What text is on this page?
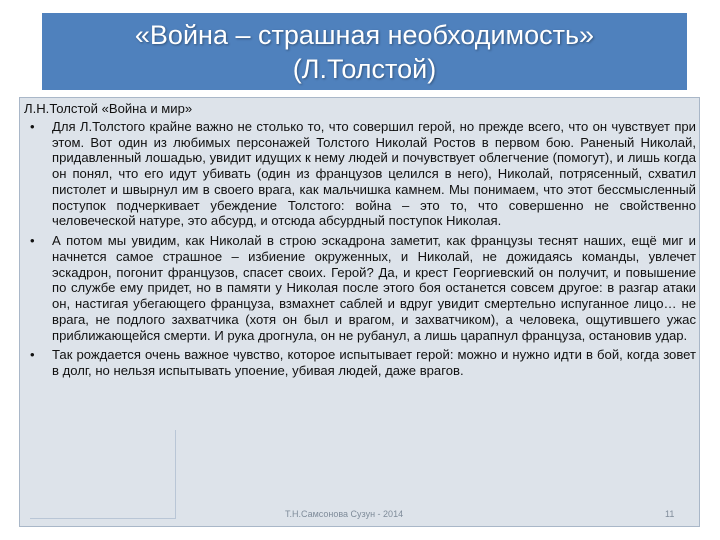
«Война – страшная необходимость»
(Л.Толстой)
Л.Н.Толстой «Война и мир»
• Для Л.Толстого крайне важно не столько то, что совершил герой, но прежде всего, что он чувствует при этом. Вот один из любимых персонажей Толстого Николай Ростов в первом бою. Раненый Николай, придавленный лошадью, увидит идущих к нему людей и почувствует облегчение (помогут), и лишь когда он понял, что его идут убивать (один из французов целился в него), Николай, потрясенный, схватил пистолет и швырнул им в своего врага, как мальчишка камнем. Мы понимаем, что этот бессмысленный поступок подчеркивает убеждение Толстого: война – это то, что совершенно не свойственно человеческой натуре, это абсурд, и отсюда абсурдный поступок Николая.
• А потом мы увидим, как Николай в строю эскадрона заметит, как французы теснят наших, ещё миг и начнется самое страшное – избиение окруженных, и Николай, не дожидаясь команды, увлечет эскадрон, погонит французов, спасет своих. Герой? Да, и крест Георгиевский он получит, и повышение по службе ему придет, но в памяти у Николая после этого боя останется совсем другое: в разгар атаки он, настигая убегающего француза, взмахнет саблей и вдруг увидит смертельно испуганное лицо… не врага, не подлого захватчика (хотя он был и врагом, и захватчиком), а человека, ощутившего ужас приближающейся смерти. И рука дрогнула, он не рубанул, а лишь царапнул француза, остановив удар.
• Так рождается очень важное чувство, которое испытывает герой: можно и нужно идти в бой, когда зовет в долг, но нельзя испытывать упоение, убивая людей, даже врагов.
Т.Н.Самсонова Сузун - 2014	11
